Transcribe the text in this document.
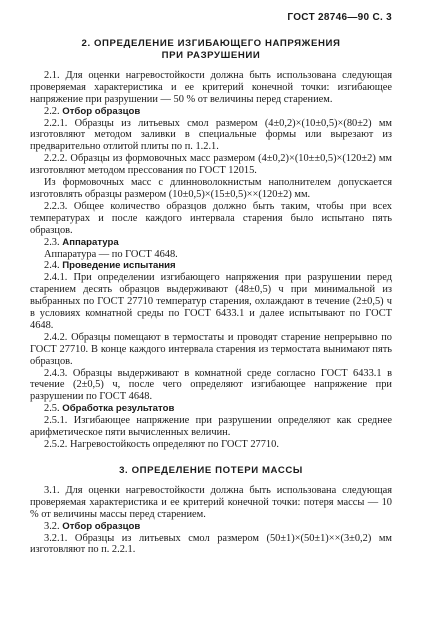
ГОСТ 28746—90 С. 3
2. ОПРЕДЕЛЕНИЕ ИЗГИБАЮЩЕГО НАПРЯЖЕНИЯ
ПРИ РАЗРУШЕНИИ

2.1. Для оценки нагревостойкости должна быть использована следующая проверяемая характеристика и ее критерий конечной точки: изгибающее напряжение при разрушении — 50 % от величины перед старением.

2.2. Отбор образцов

2.2.1. Образцы из литьевых смол размером (4±0,2)×(10±0,5)×(80±2) мм изготовляют методом заливки в специальные формы или вырезают из предварительно отлитой плиты по п. 1.2.1.

2.2.2. Образцы из формовочных масс размером (4±0,2)×(10±±0,5)×(120±2) мм изготовляют методом прессования по ГОСТ 12015.

Из формовочных масс с длинноволокнистым наполнителем допускается изготовлять образцы размером (10±0,5)×(15±0,5)××(120±2) мм.

2.2.3. Общее количество образцов должно быть таким, чтобы при всех температурах и после каждого интервала старения было испытано пять образцов.

2.3. Аппаратура
Аппаратура — по ГОСТ 4648.
2.4. Проведение испытания

2.4.1. При определении изгибающего напряжения при разрушении перед старением десять образцов выдерживают (48±0,5) ч при минимальной из выбранных по ГОСТ 27710 температур старения, охлаждают в течение (2±0,5) ч в условиях комнатной среды по ГОСТ 6433.1 и далее испытывают по ГОСТ 4648.

2.4.2. Образцы помещают в термостаты и проводят старение непрерывно по ГОСТ 27710. В конце каждого интервала старения из термостата вынимают пять образцов.

2.4.3. Образцы выдерживают в комнатной среде согласно ГОСТ 6433.1 в течение (2±0,5) ч, после чего определяют изгибающее напряжение при разрушении по ГОСТ 4648.

2.5. Обработка результатов

2.5.1. Изгибающее напряжение при разрушении определяют как среднее арифметическое пяти вычисленных величин.

2.5.2. Нагревостойкость определяют по ГОСТ 27710.

3. ОПРЕДЕЛЕНИЕ ПОТЕРИ МАССЫ

3.1. Для оценки нагревостойкости должна быть использована следующая проверяемая характеристика и ее критерий конечной точки: потеря массы — 10 % от величины массы перед старением.

3.2. Отбор образцов

3.2.1. Образцы из литьевых смол размером (50±1)×(50±1)××(3±0,2) мм изготовляют по п. 2.2.1.
